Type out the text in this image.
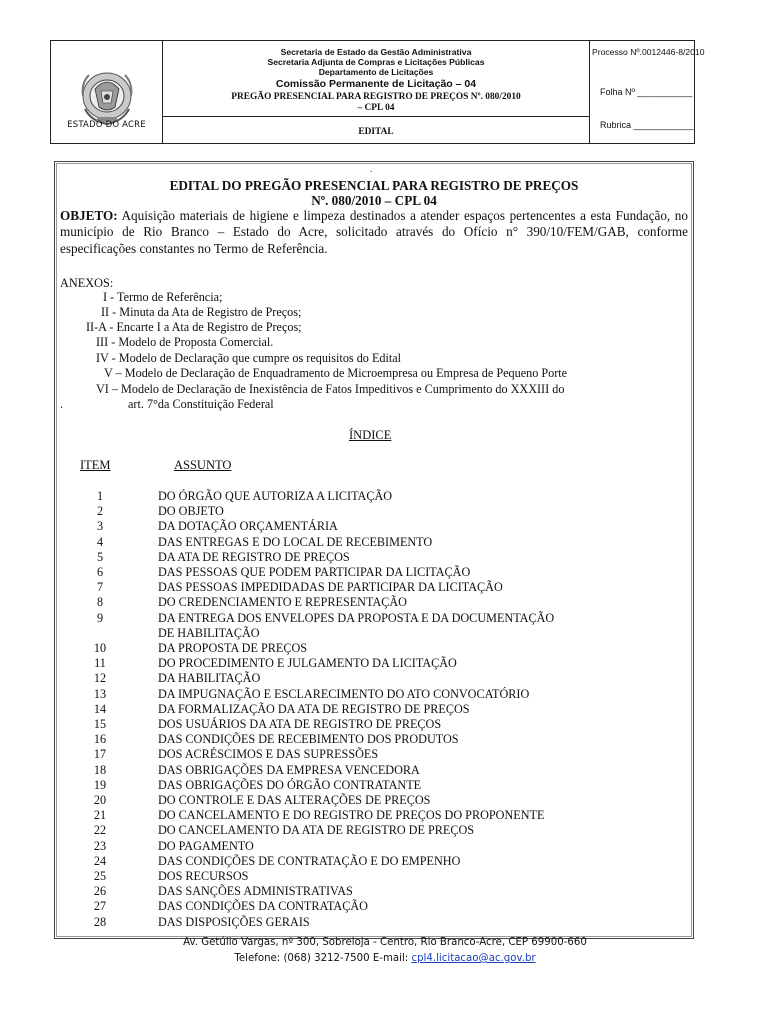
ESTADO DO ACRE
Secretaria de Estado da Gestão Administrativa
Secretaria Adjunta de Compras e Licitações Públicas
Departamento de Licitações
Comissão Permanente de Licitação – 04
PREGÃO PRESENCIAL PARA REGISTRO DE PREÇOS Nº. 080/2010
– CPL 04
EDITAL
Processo Nº.0012446-8/2010
Folha Nº ___________
Rubrica ____________
.
EDITAL DO PREGÃO PRESENCIAL PARA REGISTRO DE PREÇOS
Nº. 080/2010 – CPL 04
OBJETO: Aquisição materiais de higiene e limpeza destinados a atender espaços pertencentes a esta Fundação, no município de Rio Branco – Estado do Acre, solicitado através do Ofício n° 390/10/FEM/GAB, conforme especificações constantes no Termo de Referência.
ANEXOS:
I - Termo de Referência;
II - Minuta da Ata de Registro de Preços;
II-A - Encarte I a Ata de Registro de Preços;
III - Modelo de Proposta Comercial.
IV - Modelo de Declaração que cumpre os requisitos do Edital
V – Modelo de Declaração de Enquadramento de Microempresa ou Empresa de Pequeno Porte
VI – Modelo de Declaração de Inexistência de Fatos Impeditivos e Cumprimento do XXXIII do
.	art. 7°da Constituição Federal
ÍNDICE
ITEM	ASSUNTO
1	DO ÓRGÃO QUE AUTORIZA A LICITAÇÃO
2	DO OBJETO
3	DA DOTAÇÃO ORÇAMENTÁRIA
4	DAS ENTREGAS E DO LOCAL DE RECEBIMENTO
5	DA ATA DE REGISTRO DE PREÇOS
6	DAS PESSOAS QUE PODEM PARTICIPAR DA LICITAÇÃO
7	DAS PESSOAS IMPEDIDADAS DE PARTICIPAR DA LICITAÇÃO
8	DO CREDENCIAMENTO E REPRESENTAÇÃO
9	DA ENTREGA DOS ENVELOPES DA PROPOSTA E DA DOCUMENTAÇÃO
DE HABILITAÇÃO
10	DA PROPOSTA DE PREÇOS
11	DO PROCEDIMENTO E JULGAMENTO DA LICITAÇÃO
12	DA HABILITAÇÃO
13	DA IMPUGNAÇÃO E ESCLARECIMENTO DO ATO CONVOCATÓRIO
14	DA FORMALIZAÇÃO DA ATA DE REGISTRO DE PREÇOS
15	DOS USUÁRIOS DA ATA DE REGISTRO DE PREÇOS
16	DAS CONDIÇÕES DE RECEBIMENTO DOS PRODUTOS
17	DOS ACRÉSCIMOS E DAS SUPRESSÕES
18	DAS OBRIGAÇÕES DA EMPRESA VENCEDORA
19	DAS OBRIGAÇÕES DO ÓRGÃO CONTRATANTE
20	DO CONTROLE E DAS ALTERAÇÕES DE PREÇOS
21	DO CANCELAMENTO E DO REGISTRO DE PREÇOS DO PROPONENTE
22	DO CANCELAMENTO DA ATA DE REGISTRO DE PREÇOS
23	DO PAGAMENTO
24	DAS CONDIÇÕES DE CONTRATAÇÃO E DO EMPENHO
25	DOS RECURSOS
26	DAS SANÇÕES ADMINISTRATIVAS
27	DAS CONDIÇÕES DA CONTRATAÇÃO
28	DAS DISPOSIÇÕES GERAIS
Av. Getúlio Vargas, nº 300, Sobreloja - Centro, Rio Branco-Acre, CEP 69900-660
Telefone: (068) 3212-7500 E-mail: cpl4.licitacao@ac.gov.br
